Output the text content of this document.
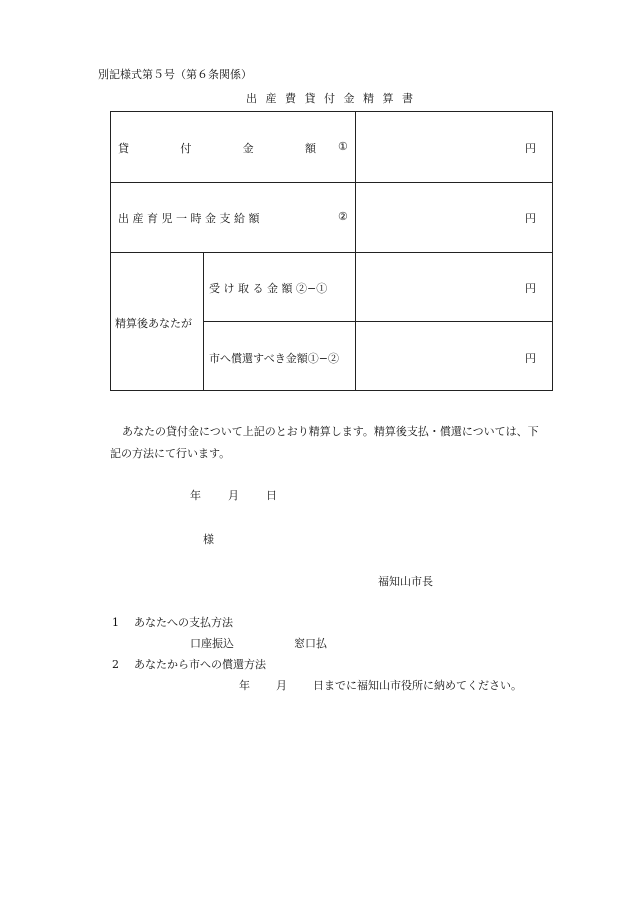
別記様式第５号（第６条関係）
出産費貸付金精算書
貸	付	金	額 ①	円
出 産 育 児 一 時 金 支 給 額	②	円
精算後あなたが
受 け 取 る 金 額 ②−①	円
市へ償還すべき金額①−②	円

あなたの貸付金について上記のとおり精算します。精算後支払・償還については、下

記の方法にて行います。
年 月 日
様
福知山市長
1 あなたへの支払方法
口座振込	窓口払
2 あなたから市への償還方法
年 月 日までに福知山市役所に納めてください。
